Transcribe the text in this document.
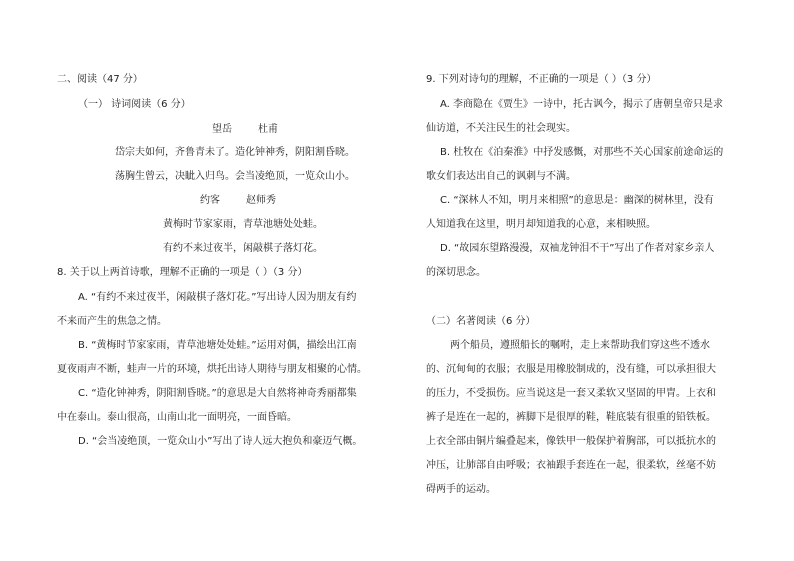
二、阅读（47 分）
（一） 诗词阅读（6 分）
望岳	杜甫
岱宗夫如何，齐鲁青未了。造化钟神秀，阴阳割昏晓。
荡胸生曾云，决眦入归鸟。会当凌绝顶，一览众山小。
约客	赵师秀
黄梅时节家家雨，青草池塘处处蛙。
有约不来过夜半，闲敲棋子落灯花。
8. 关于以上两首诗歌，理解不正确的一项是（ ）（3 分）
A. “有约不来过夜半，闲敲棋子落灯花。”写出诗人因为朋友有约
不来而产生的焦急之情。
B. “黄梅时节家家雨，青草池塘处处蛙。”运用对偶，描绘出江南
夏夜雨声不断，蛙声一片的环境，烘托出诗人期待与朋友相聚的心情。
C. “造化钟神秀，阴阳割昏晓。”的意思是大自然将神奇秀丽都集
中在泰山。泰山很高，山南山北一面明亮，一面昏暗。
D. “会当凌绝顶，一览众山小”写出了诗人远大抱负和豪迈气概。
9. 下列对诗句的理解，不正确的一项是（ ）（3 分）
A. 李商隐在《贾生》一诗中，托古讽今，揭示了唐朝皇帝只是求
仙访道，不关注民生的社会现实。
B. 杜牧在《泊秦淮》中抒发感慨，对那些不关心国家前途命运的
歌女们表达出自己的讽刺与不满。
C. “深林人不知，明月来相照”的意思是：幽深的树林里，没有
人知道我在这里，明月却知道我的心意，来相映照。
D. “故园东望路漫漫，双袖龙钟泪不干”写出了作者对家乡亲人
的深切思念。
（二）名著阅读（6 分）
两个船员，遵照船长的嘱咐，走上来帮助我们穿这些不透水
的、沉甸甸的衣服；衣服是用橡胶制成的，没有缝，可以承担很大
的压力，不受损伤。应当说这是一套又柔软又坚固的甲胄。上衣和
裤子是连在一起的，裤脚下是很厚的鞋，鞋底装有很重的铅铁板。
上衣全部由铜片编叠起来，像铁甲一般保护着胸部，可以抵抗水的
冲压，让肺部自由呼吸；衣袖跟手套连在一起，很柔软，丝毫不妨
碍两手的运动。
